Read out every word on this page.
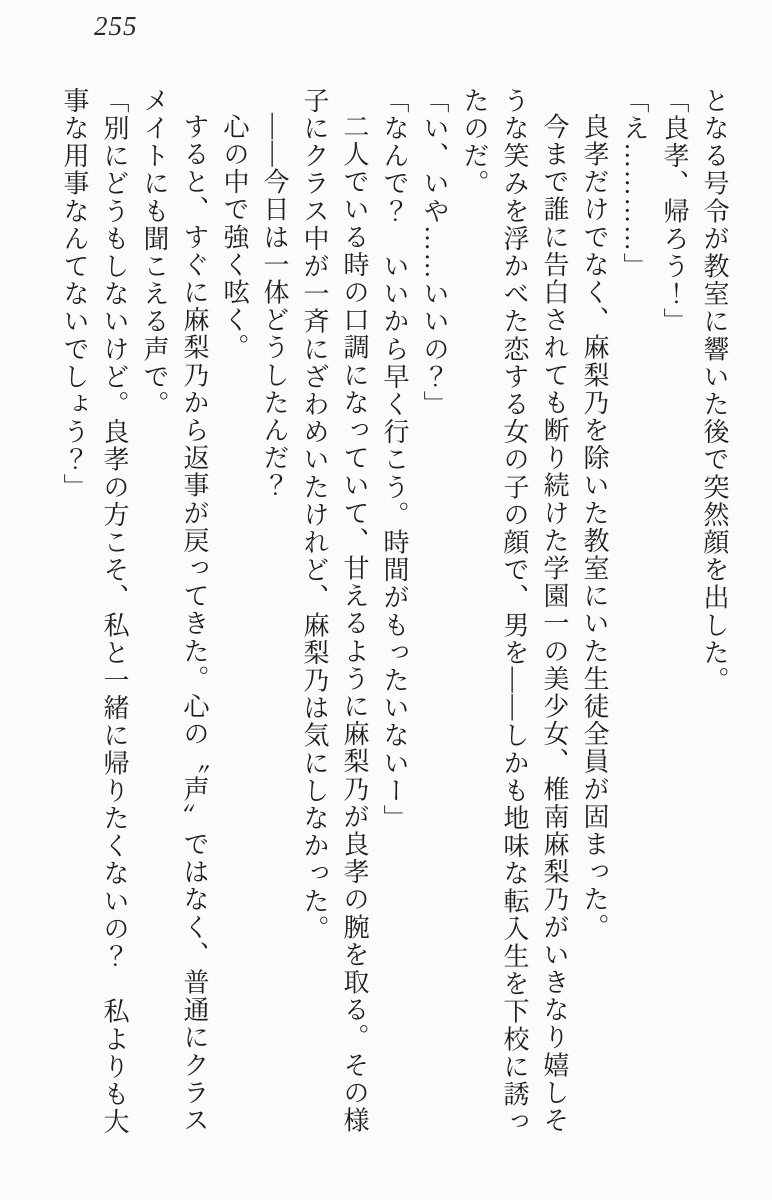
255

となる号令が教室に響いた後で突然顔を出した。

「良孝、帰ろう！」

「え…………」

良孝だけでなく、麻梨乃を除いた教室にいた生徒全員が固まった。

今まで誰に告白されても断り続けた学園一の美少女、椎南麻梨乃がいきなり嬉しそうな笑みを浮かべた恋する女の子の顔で、男を――しかも地味な転入生を下校に誘ったのだ。

「い、いや……いいの？」

「なんで？　いいから早く行こう。時間がもったいないー」

二人でいる時の口調になっていて、甘えるように麻梨乃が良孝の腕を取る。その様子にクラス中が一斉にざわめいたけれど、麻梨乃は気にしなかった。

――今日は一体どうしたんだ？

心の中で強く呟く。

すると、すぐに麻梨乃から返事が戻ってきた。心の〝声〟ではなく、普通にクラスメイトにも聞こえる声で。

「別にどうもしないけど。良孝の方こそ、私と一緒に帰りたくないの？　私よりも大事な用事なんてないでしょう？」
